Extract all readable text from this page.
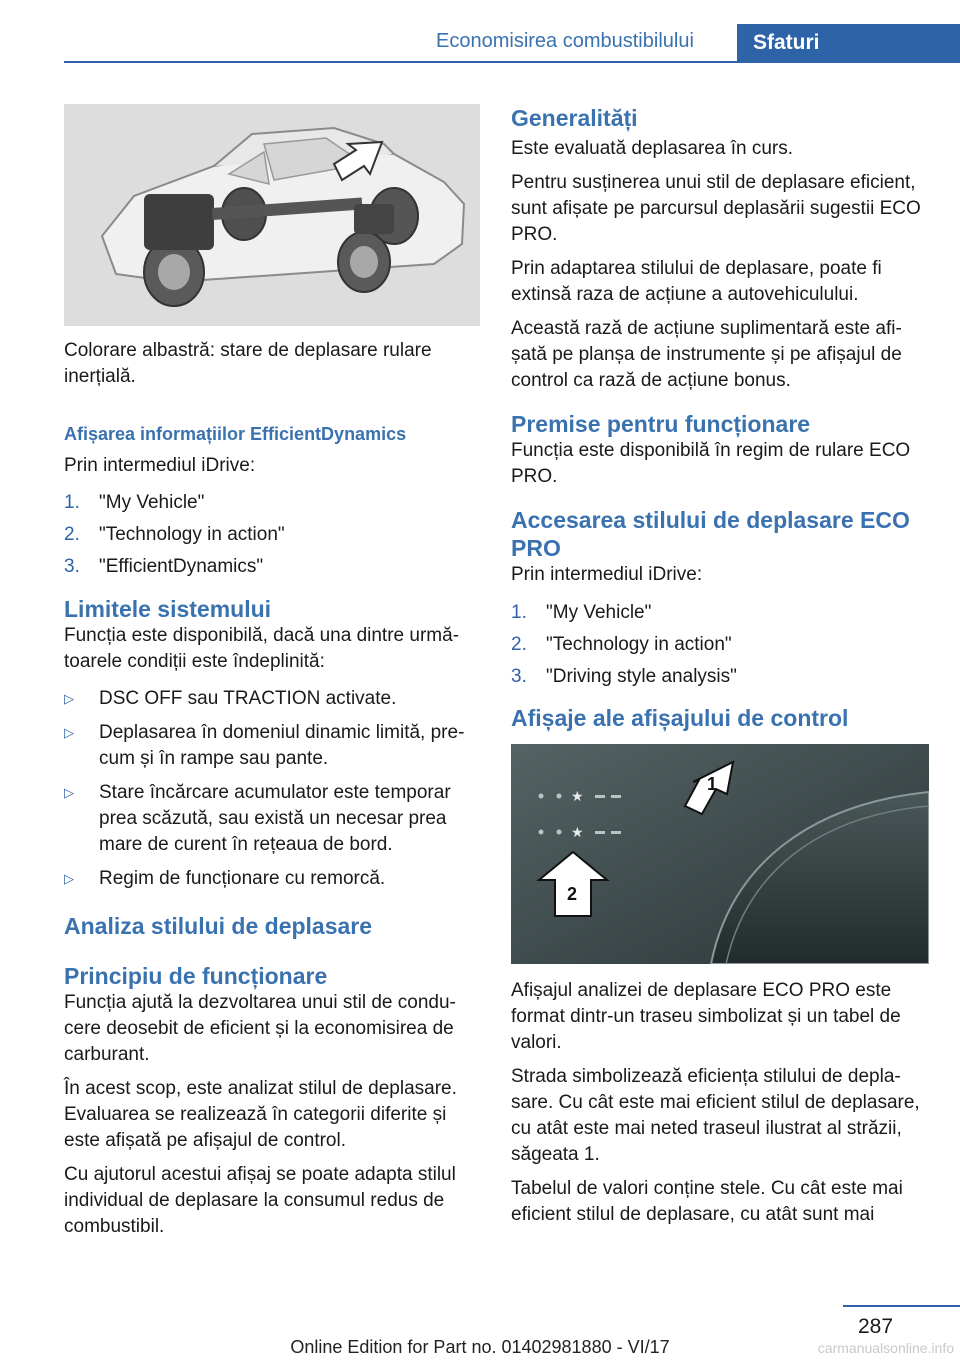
Economisirea combustibilului	Sfaturi

Colorare albastră: stare de deplasare rulare inerțială.

Afișarea informațiilor EfficientDynamics

Prin intermediul iDrive:

1. "My Vehicle"
2. "Technology in action"
3. "EfficientDynamics"
Limitele sistemului

Funcția este disponibilă, dacă una dintre următoarele condiții este îndeplinită:

▷ DSC OFF sau TRACTION activate.
▷ Deplasarea în domeniul dinamic limită, precum și în rampe sau pante.
▷ Stare încărcare acumulator este temporar prea scăzută, sau există un necesar prea mare de curent în rețeaua de bord.
▷ Regim de funcționare cu remorcă.
Analiza stilului de deplasare
Principiu de funcționare

Funcția ajută la dezvoltarea unui stil de conducere deosebit de eficient și la economisirea de carburant.

În acest scop, este analizat stilul de deplasare. Evaluarea se realizează în categorii diferite și este afișată pe afișajul de control.

Cu ajutorul acestui afișaj se poate adapta stilul individual de deplasare la consumul redus de combustibil.

Generalități

Este evaluată deplasarea în curs.

Pentru susținerea unui stil de deplasare eficient, sunt afișate pe parcursul deplasării sugestii ECO PRO.

Prin adaptarea stilului de deplasare, poate fi extinsă raza de acțiune a autovehiculului.

Această rază de acțiune suplimentară este afișată pe planșa de instrumente și pe afișajul de control ca rază de acțiune bonus.

Premise pentru funcționare

Funcția este disponibilă în regim de rulare ECO PRO.

Accesarea stilului de deplasare ECO PRO

Prin intermediul iDrive:

1. "My Vehicle"
2. "Technology in action"
3. "Driving style analysis"
Afișaje ale afișajului de control
★
★
1
2

Afișajul analizei de deplasare ECO PRO este format dintr-un traseu simbolizat și un tabel de valori.

Strada simbolizează eficiența stilului de deplasare. Cu cât este mai eficient stilul de deplasare, cu atât este mai neted traseul ilustrat al străzii, săgeata 1.

Tabelul de valori conține stele. Cu cât este mai eficient stilul de deplasare, cu atât sunt mai

287
Online Edition for Part no. 01402981880 - VI/17	carmanualsonline.info
